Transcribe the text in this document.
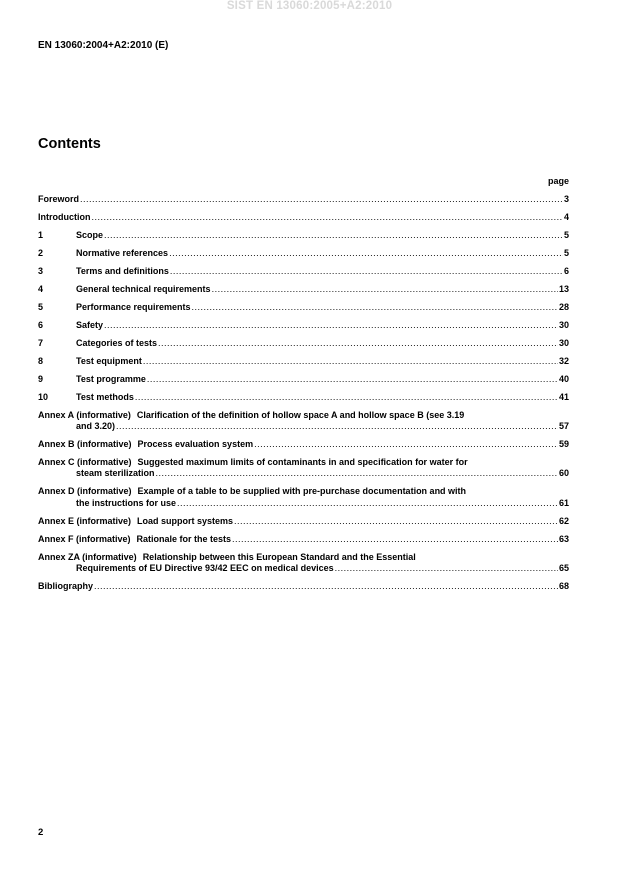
SIST EN 13060:2005+A2:2010
EN 13060:2004+A2:2010 (E)
Contents
page
Foreword .....	3
Introduction .....	4
1	Scope .....	5
2	Normative references .....	5
3	Terms and definitions .....	6
4	General technical requirements .....	13
5	Performance requirements .....	28
6	Safety .....	30
7	Categories of tests .....	30
8	Test equipment .....	32
9	Test programme .....	40
10	Test methods .....	41
Annex A (informative) Clarification of the definition of hollow space A and hollow space B (see 3.19
and 3.20) .....	57
Annex B (informative) Process evaluation system .....	59
Annex C (informative) Suggested maximum limits of contaminants in and specification for water for
steam sterilization .....	60
Annex D (informative) Example of a table to be supplied with pre-purchase documentation and with
the instructions for use .....	61
Annex E (informative) Load support systems .....	62
Annex F (informative) Rationale for the tests .....	63
Annex ZA (informative) Relationship between this European Standard and the Essential
Requirements of EU Directive 93/42 EEC on medical devices .....	65
Bibliography .....	68
2
